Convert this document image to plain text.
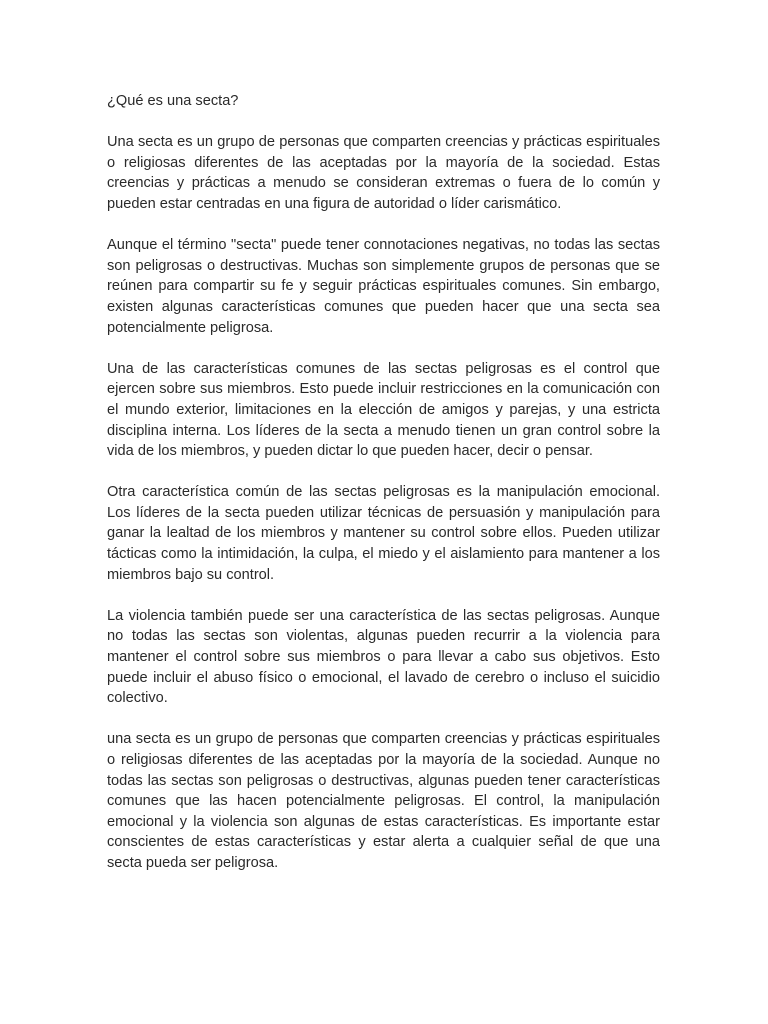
¿Qué es una secta?

Una secta es un grupo de personas que comparten creencias y prácticas espirituales o religiosas diferentes de las aceptadas por la mayoría de la sociedad. Estas creencias y prácticas a menudo se consideran extremas o fuera de lo común y pueden estar centradas en una figura de autoridad o líder carismático.

Aunque el término "secta" puede tener connotaciones negativas, no todas las sectas son peligrosas o destructivas. Muchas son simplemente grupos de personas que se reúnen para compartir su fe y seguir prácticas espirituales comunes. Sin embargo, existen algunas características comunes que pueden hacer que una secta sea potencialmente peligrosa.

Una de las características comunes de las sectas peligrosas es el control que ejercen sobre sus miembros. Esto puede incluir restricciones en la comunicación con el mundo exterior, limitaciones en la elección de amigos y parejas, y una estricta disciplina interna. Los líderes de la secta a menudo tienen un gran control sobre la vida de los miembros, y pueden dictar lo que pueden hacer, decir o pensar.

Otra característica común de las sectas peligrosas es la manipulación emocional. Los líderes de la secta pueden utilizar técnicas de persuasión y manipulación para ganar la lealtad de los miembros y mantener su control sobre ellos. Pueden utilizar tácticas como la intimidación, la culpa, el miedo y el aislamiento para mantener a los miembros bajo su control.

La violencia también puede ser una característica de las sectas peligrosas. Aunque no todas las sectas son violentas, algunas pueden recurrir a la violencia para mantener el control sobre sus miembros o para llevar a cabo sus objetivos. Esto puede incluir el abuso físico o emocional, el lavado de cerebro o incluso el suicidio colectivo.

una secta es un grupo de personas que comparten creencias y prácticas espirituales o religiosas diferentes de las aceptadas por la mayoría de la sociedad. Aunque no todas las sectas son peligrosas o destructivas, algunas pueden tener características comunes que las hacen potencialmente peligrosas. El control, la manipulación emocional y la violencia son algunas de estas características. Es importante estar conscientes de estas características y estar alerta a cualquier señal de que una secta pueda ser peligrosa.
